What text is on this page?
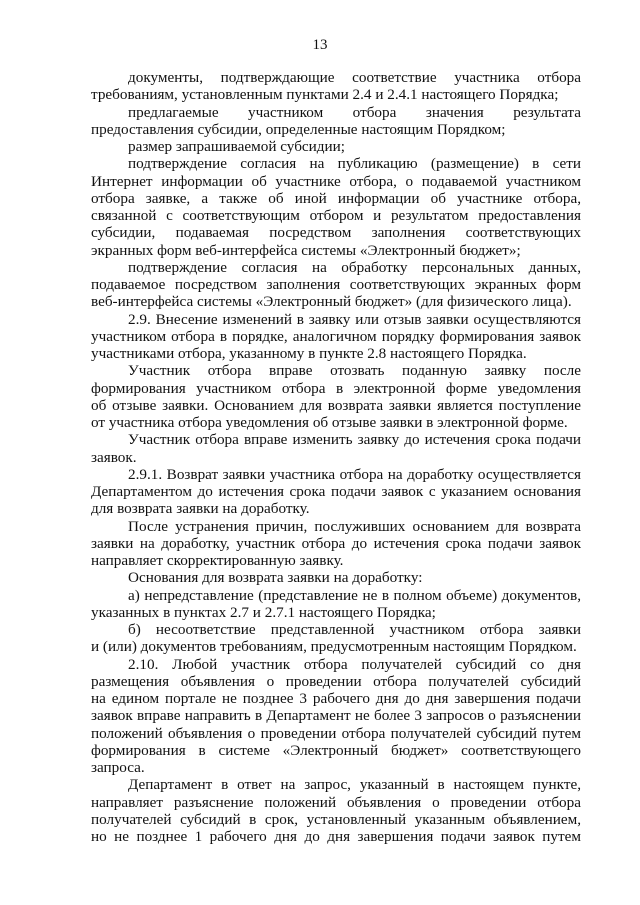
13
документы, подтверждающие соответствие участника отбора
требованиям, установленным пунктами 2.4 и 2.4.1 настоящего Порядка;
предлагаемые участником отбора значения результата
предоставления субсидии, определенные настоящим Порядком;
размер запрашиваемой субсидии;
подтверждение согласия на публикацию (размещение) в сети
Интернет информации об участнике отбора, о подаваемой участником
отбора заявке, а также об иной информации об участнике отбора,
связанной с соответствующим отбором и результатом предоставления
субсидии, подаваемая посредством заполнения соответствующих
экранных форм веб-интерфейса системы «Электронный бюджет»;
подтверждение согласия на обработку персональных данных,
подаваемое посредством заполнения соответствующих экранных форм
веб-интерфейса системы «Электронный бюджет» (для физического лица).
2.9. Внесение изменений в заявку или отзыв заявки осуществляются
участником отбора в порядке, аналогичном порядку формирования заявок
участниками отбора, указанному в пункте 2.8 настоящего Порядка.
Участник отбора вправе отозвать поданную заявку после
формирования участником отбора в электронной форме уведомления
об отзыве заявки. Основанием для возврата заявки является поступление
от участника отбора уведомления об отзыве заявки в электронной форме.
Участник отбора вправе изменить заявку до истечения срока подачи
заявок.
2.9.1. Возврат заявки участника отбора на доработку осуществляется
Департаментом до истечения срока подачи заявок с указанием основания
для возврата заявки на доработку.
После устранения причин, послуживших основанием для возврата
заявки на доработку, участник отбора до истечения срока подачи заявок
направляет скорректированную заявку.
Основания для возврата заявки на доработку:
а) непредставление (представление не в полном объеме) документов,
указанных в пунктах 2.7 и 2.7.1 настоящего Порядка;
б) несоответствие представленной участником отбора заявки
и (или) документов требованиям, предусмотренным настоящим Порядком.
2.10. Любой участник отбора получателей субсидий со дня
размещения объявления о проведении отбора получателей субсидий
на едином портале не позднее 3 рабочего дня до дня завершения подачи
заявок вправе направить в Департамент не более 3 запросов о разъяснении
положений объявления о проведении отбора получателей субсидий путем
формирования в системе «Электронный бюджет» соответствующего
запроса.
Департамент в ответ на запрос, указанный в настоящем пункте,
направляет разъяснение положений объявления о проведении отбора
получателей субсидий в срок, установленный указанным объявлением,
но не позднее 1 рабочего дня до дня завершения подачи заявок путем
